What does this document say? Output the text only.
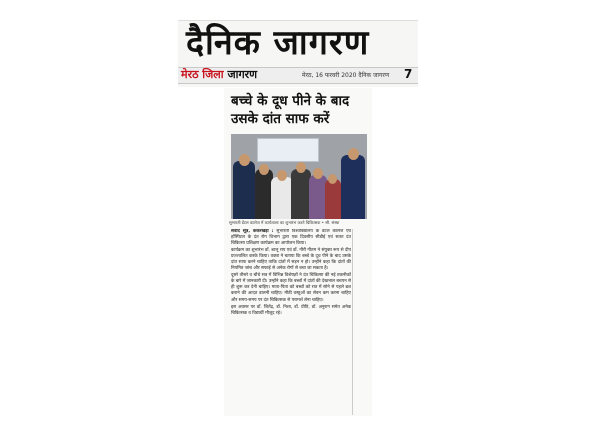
दैनिक जागरण
मेरठ जिला जागरण	मेरठ, 16 फरवरी 2020 दैनिक जागरण 7
बच्चे के दूध पीने के बाद
उसके दांत साफ करें
सुभारती डेंटल कालेज में कार्यशाला का शुभारंभ करते चिकित्सक • सौ. संस्था

संवाद सूत्र, कंकरखेड़ा : सुभारती विश्वविद्यालय के डेंटल कॉलेज एवं हॉस्पिटल के दंत रोग विभाग द्वारा एक दिवसीय सीडीई एवं सतत दंत चिकित्सा प्रशिक्षण कार्यक्रम का आयोजन किया।

कार्यक्रम का शुभारंभ डॉ. शालू राय एवं डॉ. गौरी गौतम ने संयुक्त रूप से दीप प्रज्ज्वलित करके किया। वक्ता ने बताया कि बच्चे के दूध पीने के बाद उसके दांत साफ करने चाहिए ताकि दांतों में सड़न न हो। उन्होंने कहा कि दांतों की नियमित जांच और सफाई से अनेक रोगों से बचा जा सकता है।

दूसरे तीसरे व चौथे सत्र में विभिन्न विशेषज्ञों ने दंत चिकित्सा की नई तकनीकों के बारे में जानकारी दी। उन्होंने कहा कि बच्चों में दांतों की देखभाल बचपन से ही शुरू कर देनी चाहिए। माता-पिता को बच्चों को रात में सोने से पहले ब्रश कराने की आदत डालनी चाहिए। मीठी वस्तुओं का सेवन कम करना चाहिए और समय-समय पर दंत चिकित्सक से परामर्श लेना चाहिए।

इस अवसर पर डॉ. जितेंद्र, डॉ. निशा, डॉ. प्रीति, डॉ. अनुराग समेत अनेक चिकित्सक व विद्यार्थी मौजूद रहे।
